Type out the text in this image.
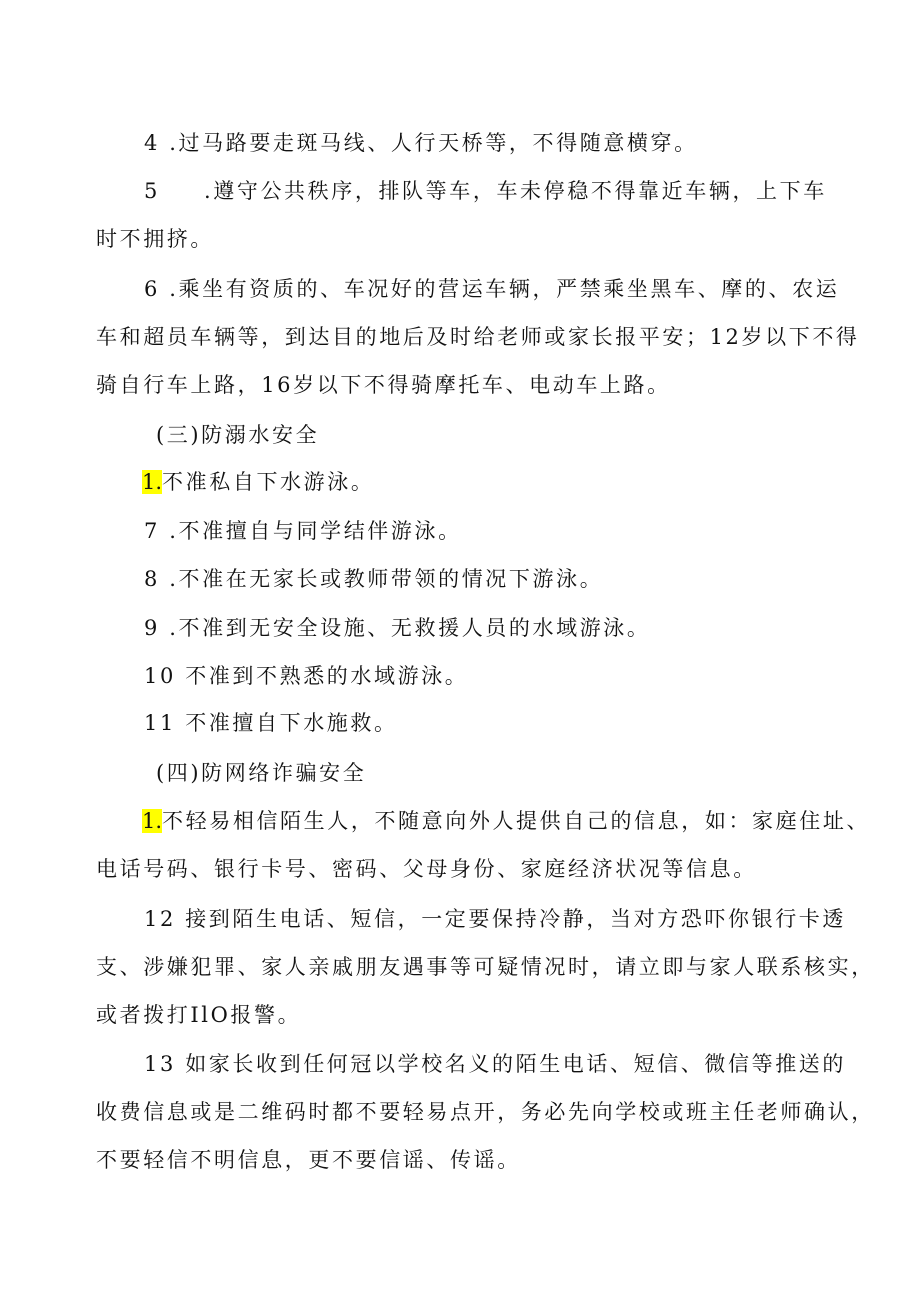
4 .过马路要走斑马线、人行天桥等，不得随意横穿。
5 .遵守公共秩序，排队等车，车未停稳不得靠近车辆，上下车
时不拥挤。
6 .乘坐有资质的、车况好的营运车辆，严禁乘坐黑车、摩的、农运
车和超员车辆等，到达目的地后及时给老师或家长报平安；12岁以下不得
骑自行车上路，16岁以下不得骑摩托车、电动车上路。
(三)防溺水安全
1.不准私自下水游泳。
7 .不准擅自与同学结伴游泳。
8 .不准在无家长或教师带领的情况下游泳。
9 .不准到无安全设施、无救援人员的水域游泳。
10 不准到不熟悉的水域游泳。
11 不准擅自下水施救。
(四)防网络诈骗安全
1.不轻易相信陌生人，不随意向外人提供自己的信息，如：家庭住址、
电话号码、银行卡号、密码、父母身份、家庭经济状况等信息。
12 接到陌生电话、短信，一定要保持冷静，当对方恐吓你银行卡透
支、涉嫌犯罪、家人亲戚朋友遇事等可疑情况时，请立即与家人联系核实，
或者拨打IlO报警。
13 如家长收到任何冠以学校名义的陌生电话、短信、微信等推送的
收费信息或是二维码时都不要轻易点开，务必先向学校或班主任老师确认，
不要轻信不明信息，更不要信谣、传谣。
